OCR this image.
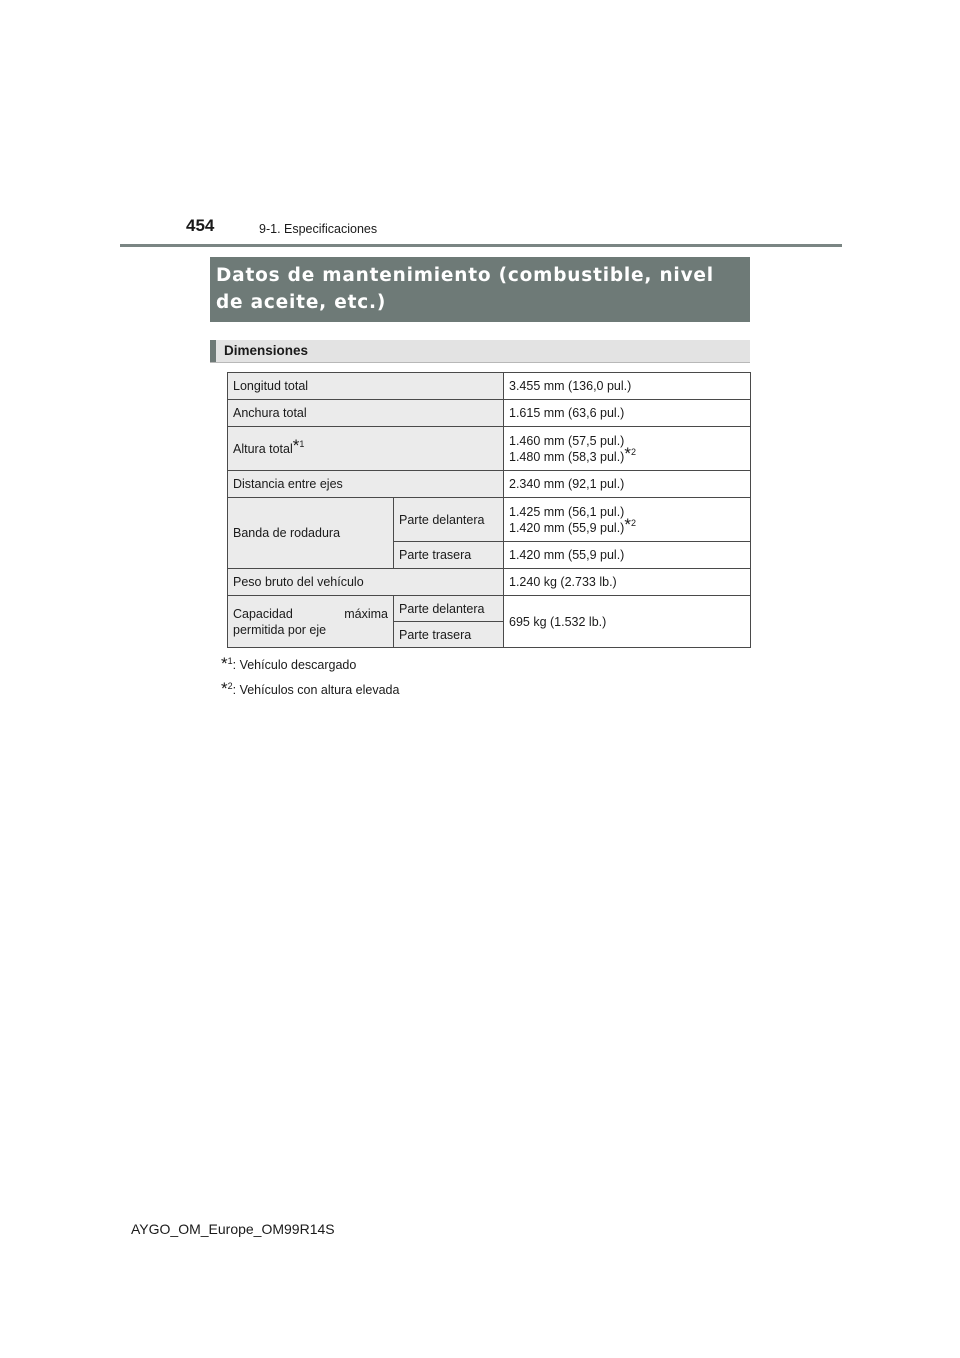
454	9-1. Especificaciones

Datos de mantenimiento (combustible, nivel

de aceite, etc.)

Dimensiones
Longitud total		3.455 mm (136,0 pul.)
Anchura total		1.615 mm (63,6 pul.)
Altura total$^{*1}$		1.460 mm (57,5 pul.)
1.480 mm (58,3 pul.)$^{*2}$

Distancia entre ejes		2.340 mm (92,1 pul.)
Banda de rodadura	Parte delantera	1.425 mm (56,1 pul.)
1.420 mm (55,9 pul.)$^{*2}$

	Parte trasera	1.420 mm (55,9 pul.)
Peso bruto del vehículo		1.240 kg (2.733 lb.)

Capacidad máxima
permitida por eje	Parte delantera	695 kg (1.532 lb.)
	Parte trasera	
*$^1$: Vehículo descargado
*$^2$: Vehículos con altura elevada
AYGO_OM_Europe_OM99R14S
